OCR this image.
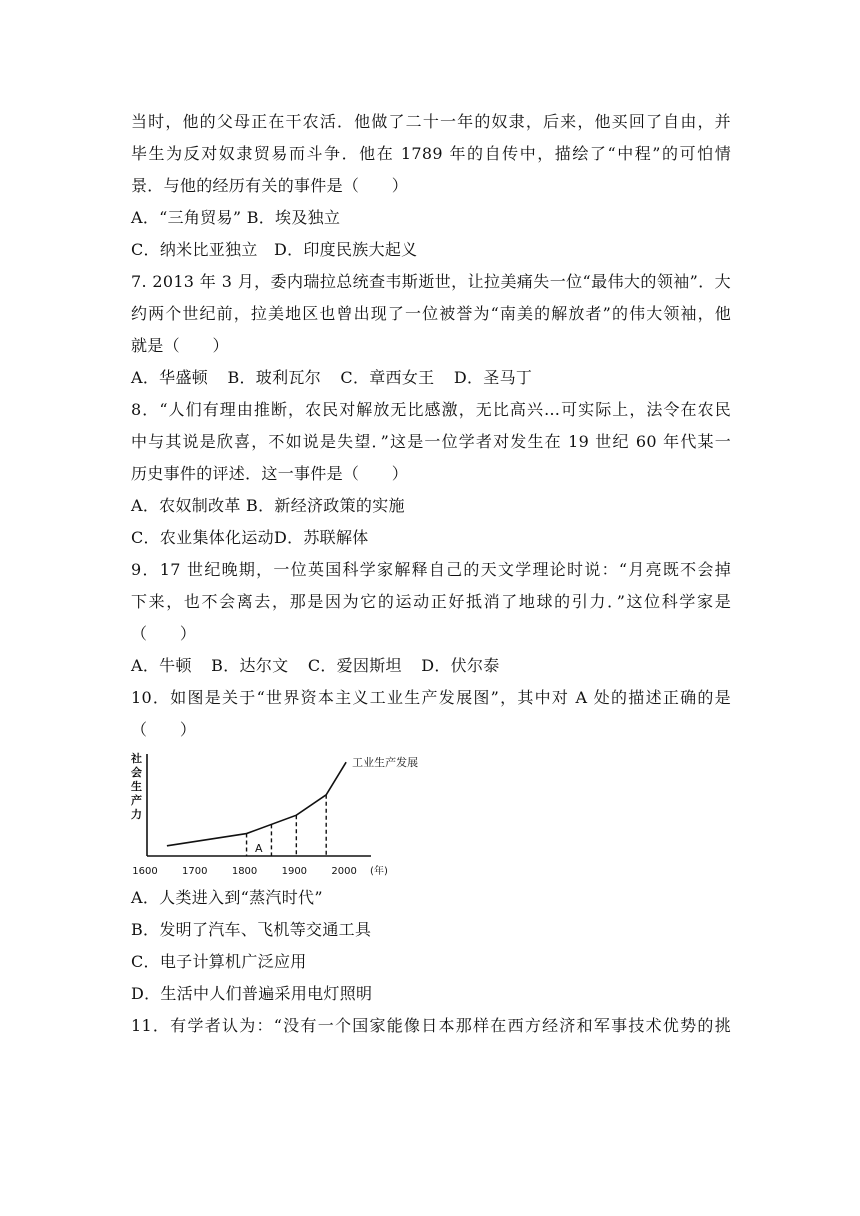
当时，他的父母正在干农活．他做了二十一年的奴隶，后来，他买回了自由，并
毕生为反对奴隶贸易而斗争．他在 1789 年的自传中，描绘了“中程”的可怕情
景．与他的经历有关的事件是（　　）
A．“三角贸易” B．埃及独立
C．纳米比亚独立　D．印度民族大起义
7. 2013 年 3 月，委内瑞拉总统查韦斯逝世，让拉美痛失一位“最伟大的领袖”．大
约两个世纪前，拉美地区也曾出现了一位被誉为“南美的解放者”的伟大领袖，他
就是（　　）
A．华盛顿 B．玻利瓦尔 C．章西女王 D．圣马丁
8．“人们有理由推断，农民对解放无比感激，无比高兴…可实际上，法令在农民
中与其说是欣喜，不如说是失望．”这是一位学者对发生在 19 世纪 60 年代某一
历史事件的评述．这一事件是（　　）
A．农奴制改革 B．新经济政策的实施
C．农业集体化运动D．苏联解体
9．17 世纪晚期，一位英国科学家解释自己的天文学理论时说：“月亮既不会掉
下来，也不会离去，那是因为它的运动正好抵消了地球的引力．”这位科学家是
（　　）
A．牛顿 B．达尔文 C．爱因斯坦 D．伏尔泰
10．如图是关于“世界资本主义工业生产发展图”，其中对 A 处的描述正确的是
（　　）
社
会
生
产
力
工业生产发展
A
1600 1700 1800 1900 2000 (年)
A．人类进入到“蒸汽时代”
B．发明了汽车、飞机等交通工具
C．电子计算机广泛应用
D．生活中人们普遍采用电灯照明
11．有学者认为：“没有一个国家能像日本那样在西方经济和军事技术优势的挑
